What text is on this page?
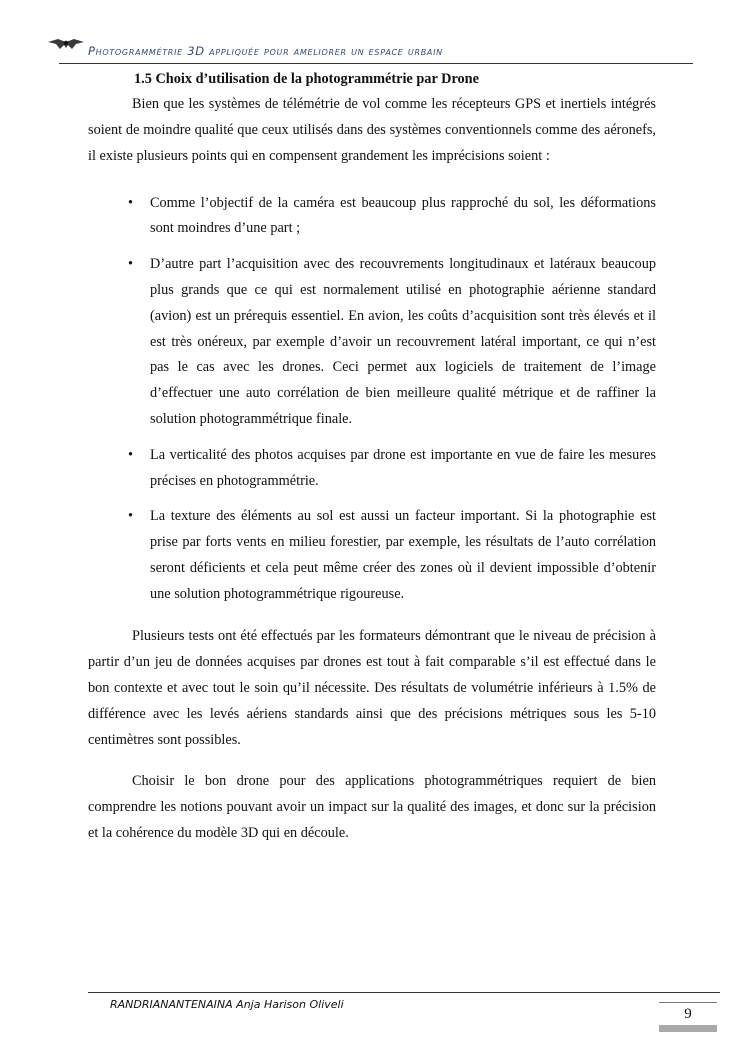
Photogrammétrie 3D appliquée pour ameliorer un espace urbain
1.5 Choix d’utilisation de la photogrammétrie par Drone

Bien que les systèmes de télémétrie de vol comme les récepteurs GPS et inertiels intégrés soient de moindre qualité que ceux utilisés dans des systèmes conventionnels comme des aéronefs, il existe plusieurs points qui en compensent grandement les imprécisions soient :

• Comme l’objectif de la caméra est beaucoup plus rapproché du sol, les déformations sont moindres d’une part ;
• D’autre part l’acquisition avec des recouvrements longitudinaux et latéraux beaucoup plus grands que ce qui est normalement utilisé en photographie aérienne standard (avion) est un prérequis essentiel. En avion, les coûts d’acquisition sont très élevés et il est très onéreux, par exemple d’avoir un recouvrement latéral important, ce qui n’est pas le cas avec les drones. Ceci permet aux logiciels de traitement de l’image d’effectuer une auto corrélation de bien meilleure qualité métrique et de raffiner la solution photogrammétrique finale.
• La verticalité des photos acquises par drone est importante en vue de faire les mesures précises en photogrammétrie.
• La texture des éléments au sol est aussi un facteur important. Si la photographie est prise par forts vents en milieu forestier, par exemple, les résultats de l’auto corrélation seront déficients et cela peut même créer des zones où il devient impossible d’obtenir une solution photogrammétrique rigoureuse.

Plusieurs tests ont été effectués par les formateurs démontrant que le niveau de précision à partir d’un jeu de données acquises par drones est tout à fait comparable s’il est effectué dans le bon contexte et avec tout le soin qu’il nécessite. Des résultats de volumétrie inférieurs à 1.5% de différence avec les levés aériens standards ainsi que des précisions métriques sous les 5-10 centimètres sont possibles.

Choisir le bon drone pour des applications photogrammétriques requiert de bien comprendre les notions pouvant avoir un impact sur la qualité des images, et donc sur la précision et la cohérence du modèle 3D qui en découle.

RANDRIANANTENAINA Anja Harison Oliveli
9
